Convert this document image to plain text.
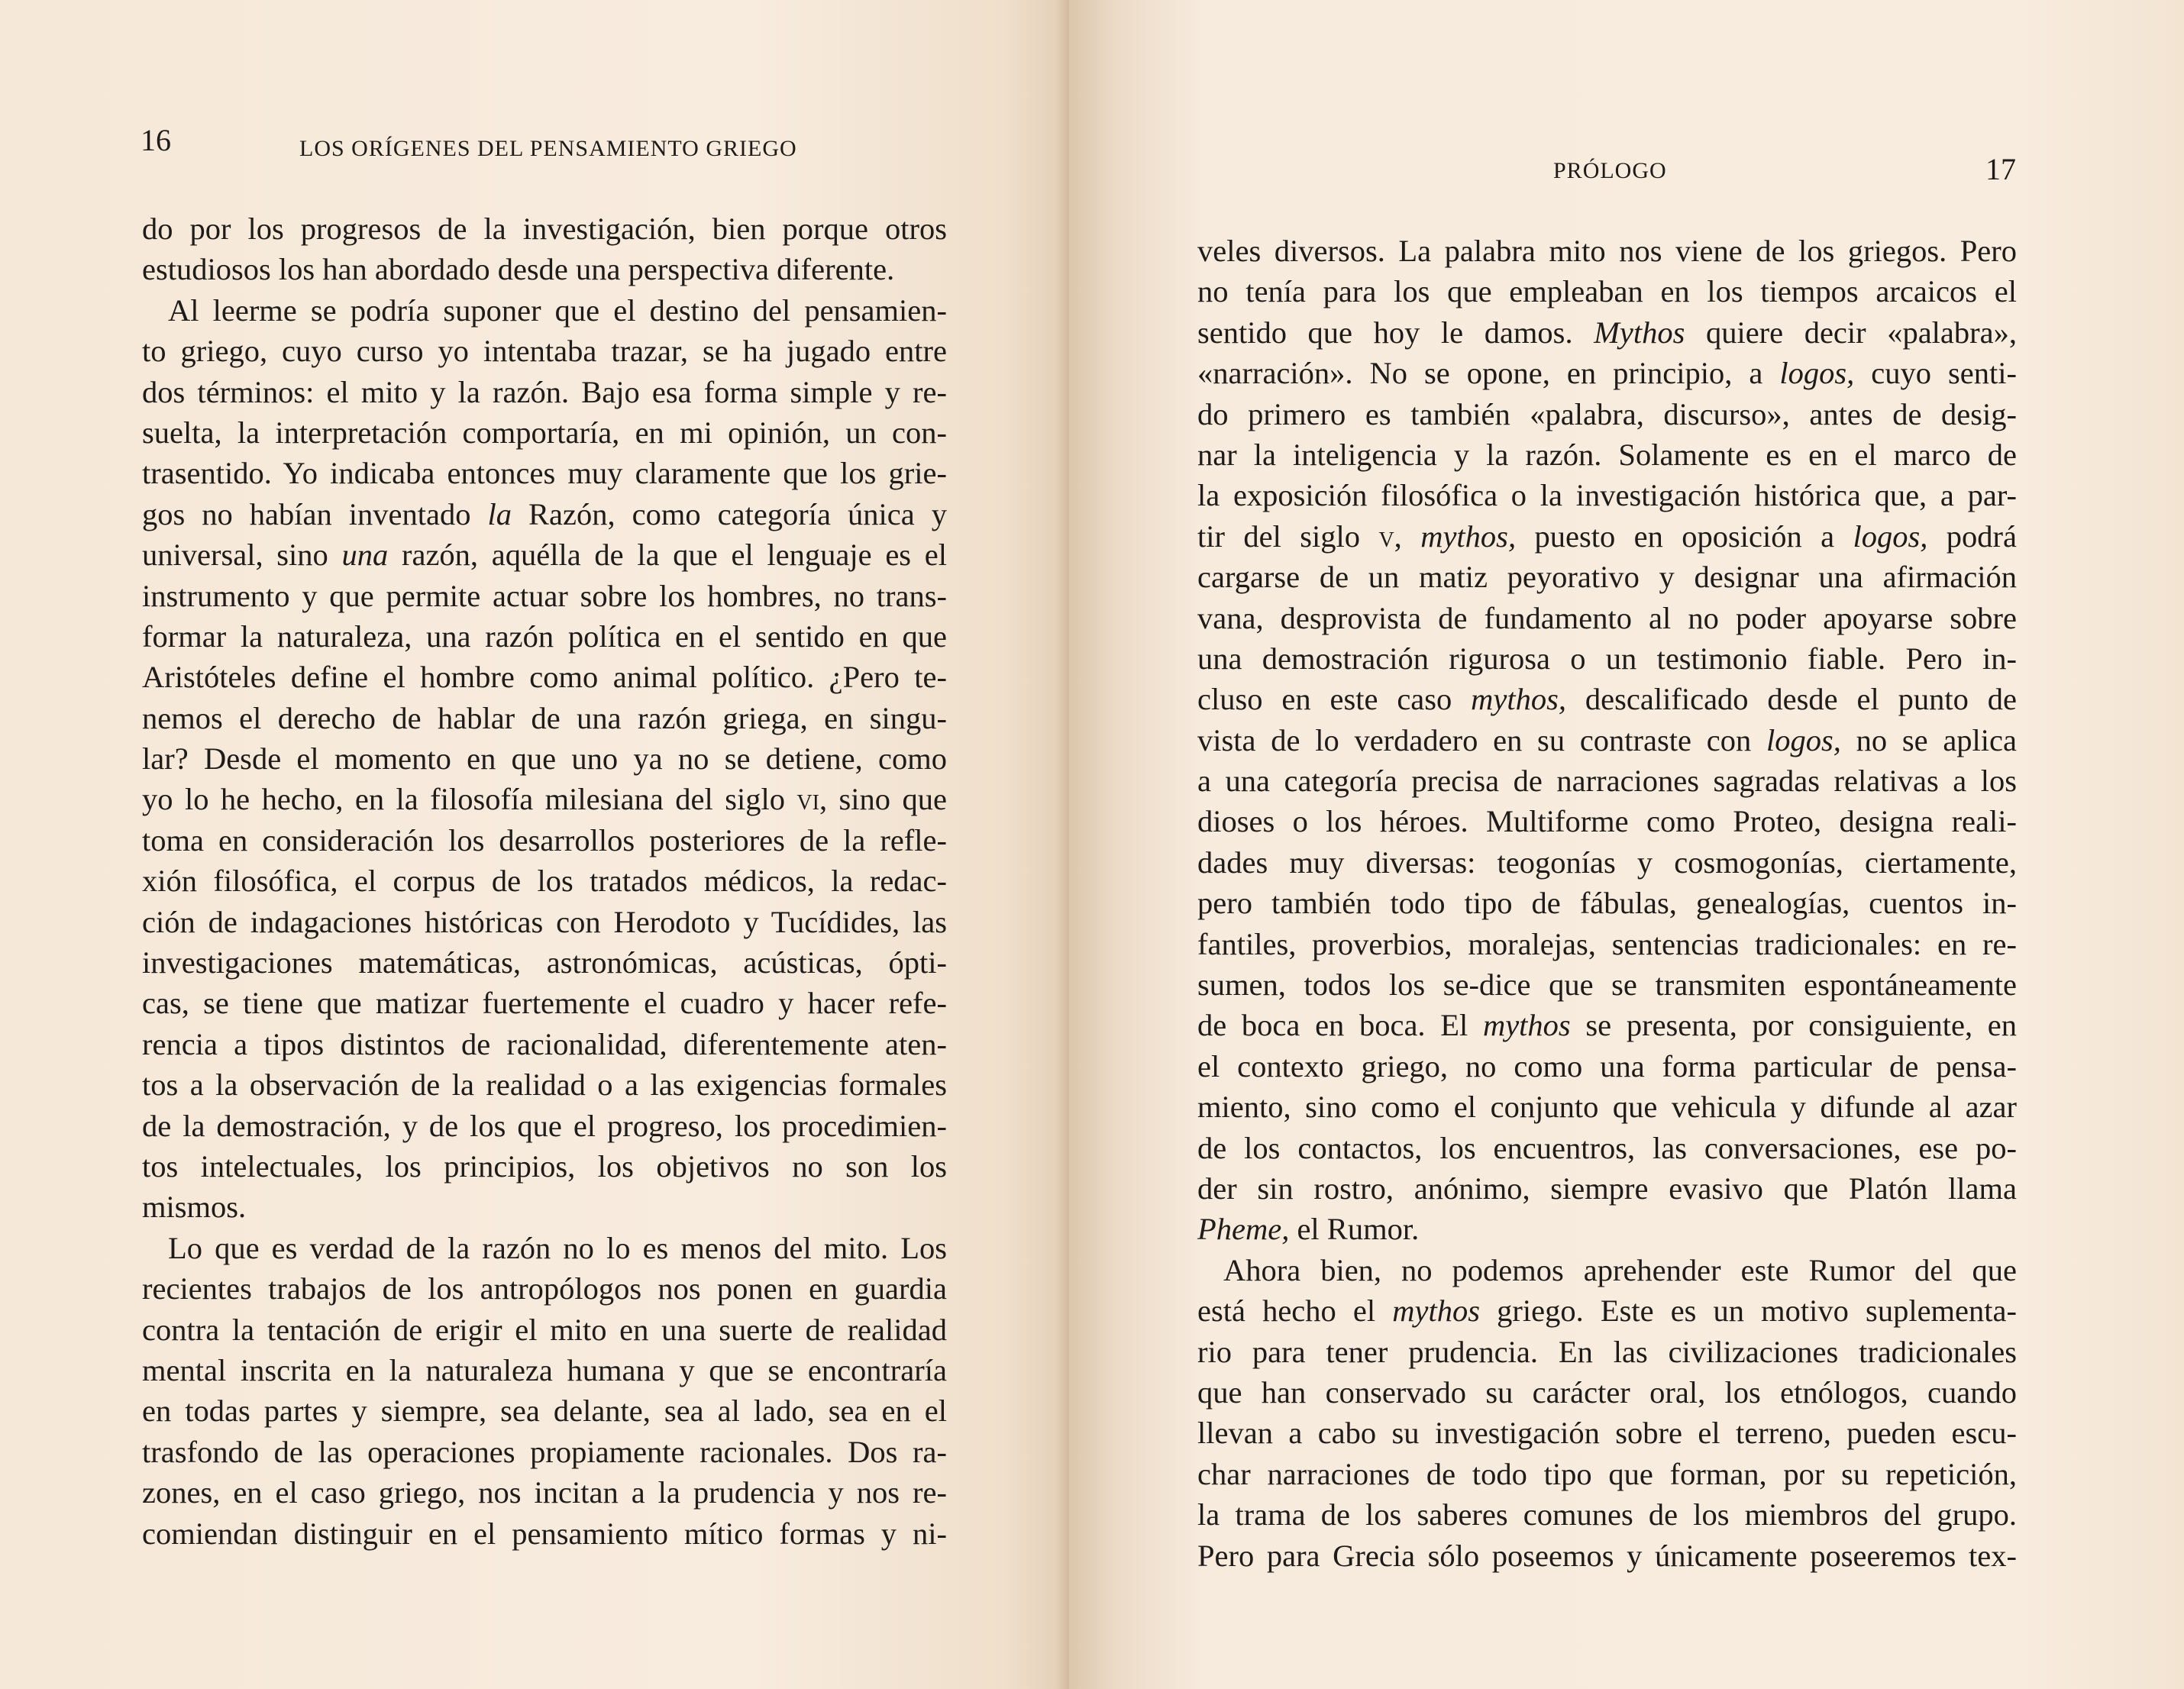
16	LOS ORÍGENES DEL PENSAMIENTO GRIEGO
do por los progresos de la investigación, bien porque otros
estudiosos los han abordado desde una perspectiva diferente.
Al leerme se podría suponer que el destino del pensamien-
to griego, cuyo curso yo intentaba trazar, se ha jugado entre
dos términos: el mito y la razón. Bajo esa forma simple y re-
suelta, la interpretación comportaría, en mi opinión, un con-
trasentido. Yo indicaba entonces muy claramente que los grie-
gos no habían inventado la Razón, como categoría única y
universal, sino una razón, aquélla de la que el lenguaje es el
instrumento y que permite actuar sobre los hombres, no trans-
formar la naturaleza, una razón política en el sentido en que
Aristóteles define el hombre como animal político. ¿Pero te-
nemos el derecho de hablar de una razón griega, en singu-
lar? Desde el momento en que uno ya no se detiene, como
yo lo he hecho, en la filosofía milesiana del siglo vi, sino que
toma en consideración los desarrollos posteriores de la refle-
xión filosófica, el corpus de los tratados médicos, la redac-
ción de indagaciones históricas con Herodoto y Tucídides, las
investigaciones matemáticas, astronómicas, acústicas, ópti-
cas, se tiene que matizar fuertemente el cuadro y hacer refe-
rencia a tipos distintos de racionalidad, diferentemente aten-
tos a la observación de la realidad o a las exigencias formales
de la demostración, y de los que el progreso, los procedimien-
tos intelectuales, los principios, los objetivos no son los
mismos.
Lo que es verdad de la razón no lo es menos del mito. Los
recientes trabajos de los antropólogos nos ponen en guardia
contra la tentación de erigir el mito en una suerte de realidad
mental inscrita en la naturaleza humana y que se encontraría
en todas partes y siempre, sea delante, sea al lado, sea en el
trasfondo de las operaciones propiamente racionales. Dos ra-
zones, en el caso griego, nos incitan a la prudencia y nos re-
comiendan distinguir en el pensamiento mítico formas y ni-
PRÓLOGO	17
veles diversos. La palabra mito nos viene de los griegos. Pero
no tenía para los que empleaban en los tiempos arcaicos el
sentido que hoy le damos. Mythos quiere decir «palabra»,
«narración». No se opone, en principio, a logos, cuyo senti-
do primero es también «palabra, discurso», antes de desig-
nar la inteligencia y la razón. Solamente es en el marco de
la exposición filosófica o la investigación histórica que, a par-
tir del siglo v, mythos, puesto en oposición a logos, podrá
cargarse de un matiz peyorativo y designar una afirmación
vana, desprovista de fundamento al no poder apoyarse sobre
una demostración rigurosa o un testimonio fiable. Pero in-
cluso en este caso mythos, descalificado desde el punto de
vista de lo verdadero en su contraste con logos, no se aplica
a una categoría precisa de narraciones sagradas relativas a los
dioses o los héroes. Multiforme como Proteo, designa reali-
dades muy diversas: teogonías y cosmogonías, ciertamente,
pero también todo tipo de fábulas, genealogías, cuentos in-
fantiles, proverbios, moralejas, sentencias tradicionales: en re-
sumen, todos los se-dice que se transmiten espontáneamente
de boca en boca. El mythos se presenta, por consiguiente, en
el contexto griego, no como una forma particular de pensa-
miento, sino como el conjunto que vehicula y difunde al azar
de los contactos, los encuentros, las conversaciones, ese po-
der sin rostro, anónimo, siempre evasivo que Platón llama
Pheme, el Rumor.
Ahora bien, no podemos aprehender este Rumor del que
está hecho el mythos griego. Este es un motivo suplementa-
rio para tener prudencia. En las civilizaciones tradicionales
que han conservado su carácter oral, los etnólogos, cuando
llevan a cabo su investigación sobre el terreno, pueden escu-
char narraciones de todo tipo que forman, por su repetición,
la trama de los saberes comunes de los miembros del grupo.
Pero para Grecia sólo poseemos y únicamente poseeremos tex-
